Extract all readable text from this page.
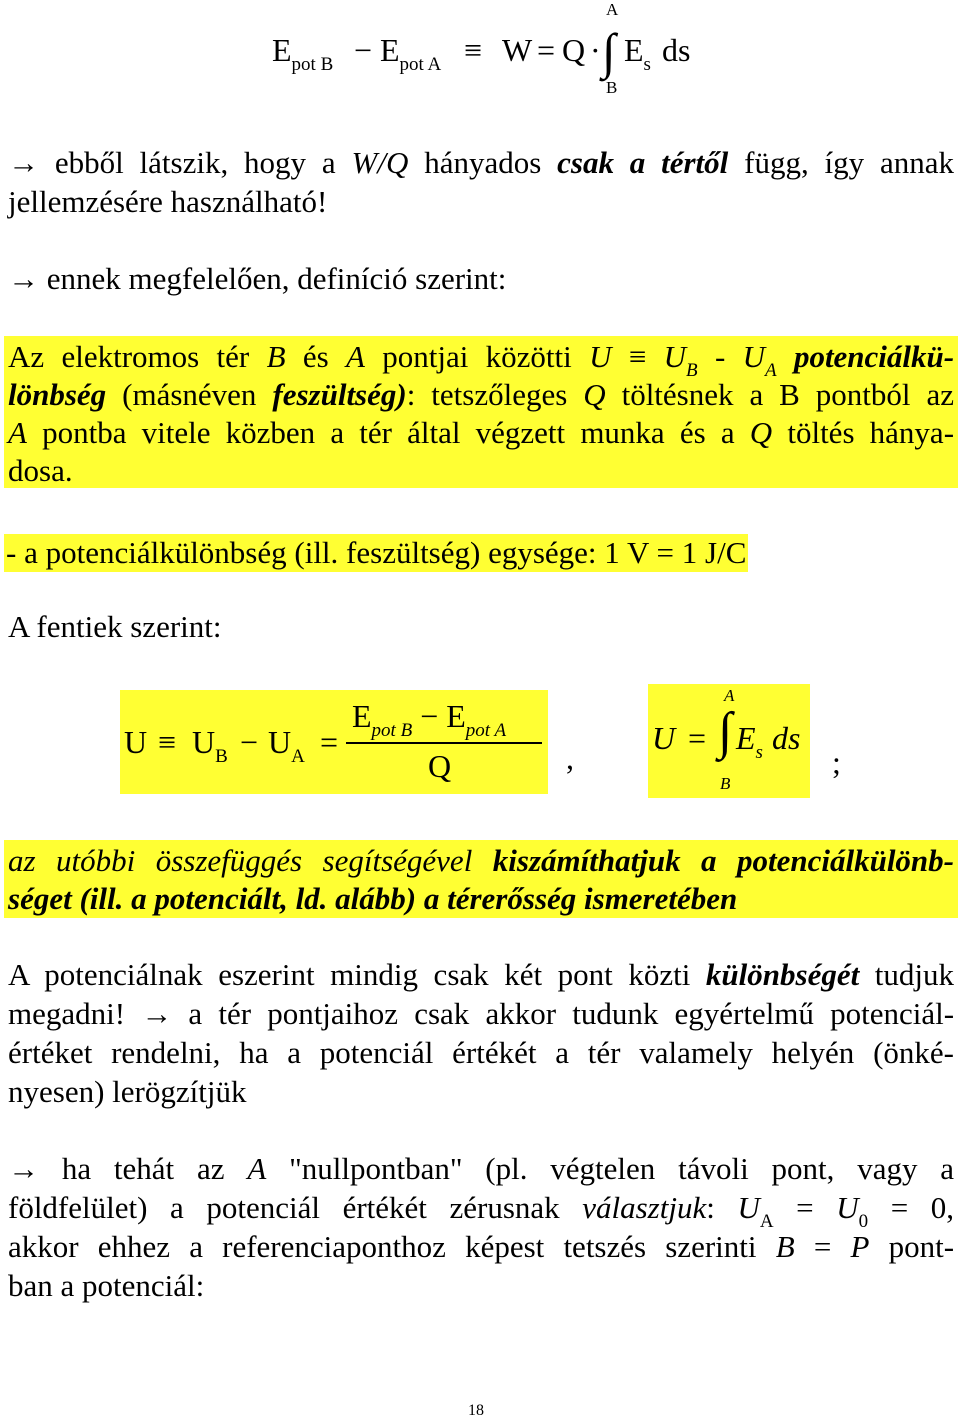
$E_{pot B} - E_{pot A} \equiv W = Q$ ·
A
∫
B
$E_s$ ds
→ ebből látszik, hogy a W/Q hányados csak a tértől függ, így annak
jellemzésére használható!
→ ennek megfelelően, definíció szerint:
Az elektromos tér B és A pontjai közötti $U \equiv U_B - U_A$ potenciálkü-
lönbség (másnéven feszültség): tetszőleges Q töltésnek a B pontból az
A pontba vitele közben a tér által végzett munka és a Q töltés hánya-
dosa.
- a potenciálkülönbség (ill. feszültség) egysége: 1 V = 1 J/C
A fentiek szerint:
$U \equiv U_B - U_A$ =
$E_{pot B} - E_{pot A}$
Q	,
U =
A
∫
B
$E_s$ ds
;
az utóbbi összefüggés segítségével kiszámíthatjuk a potenciálkülönb-
séget (ill. a potenciált, ld. alább) a térerősség ismeretében
A potenciálnak eszerint mindig csak két pont közti különbségét tudjuk
megadni! → a tér pontjaihoz csak akkor tudunk egyértelmű potenciál-
értéket rendelni, ha a potenciál értékét a tér valamely helyén (önké-
nyesen) lerögzítjük
→ ha tehát az A "nullpontban" (pl. végtelen távoli pont, vagy a
földfelület) a potenciál értékét zérusnak választjuk: $U_A = U_0 = 0$,
akkor ehhez a referenciaponthoz képest tetszés szerinti B = P pont-
ban a potenciál:
18
